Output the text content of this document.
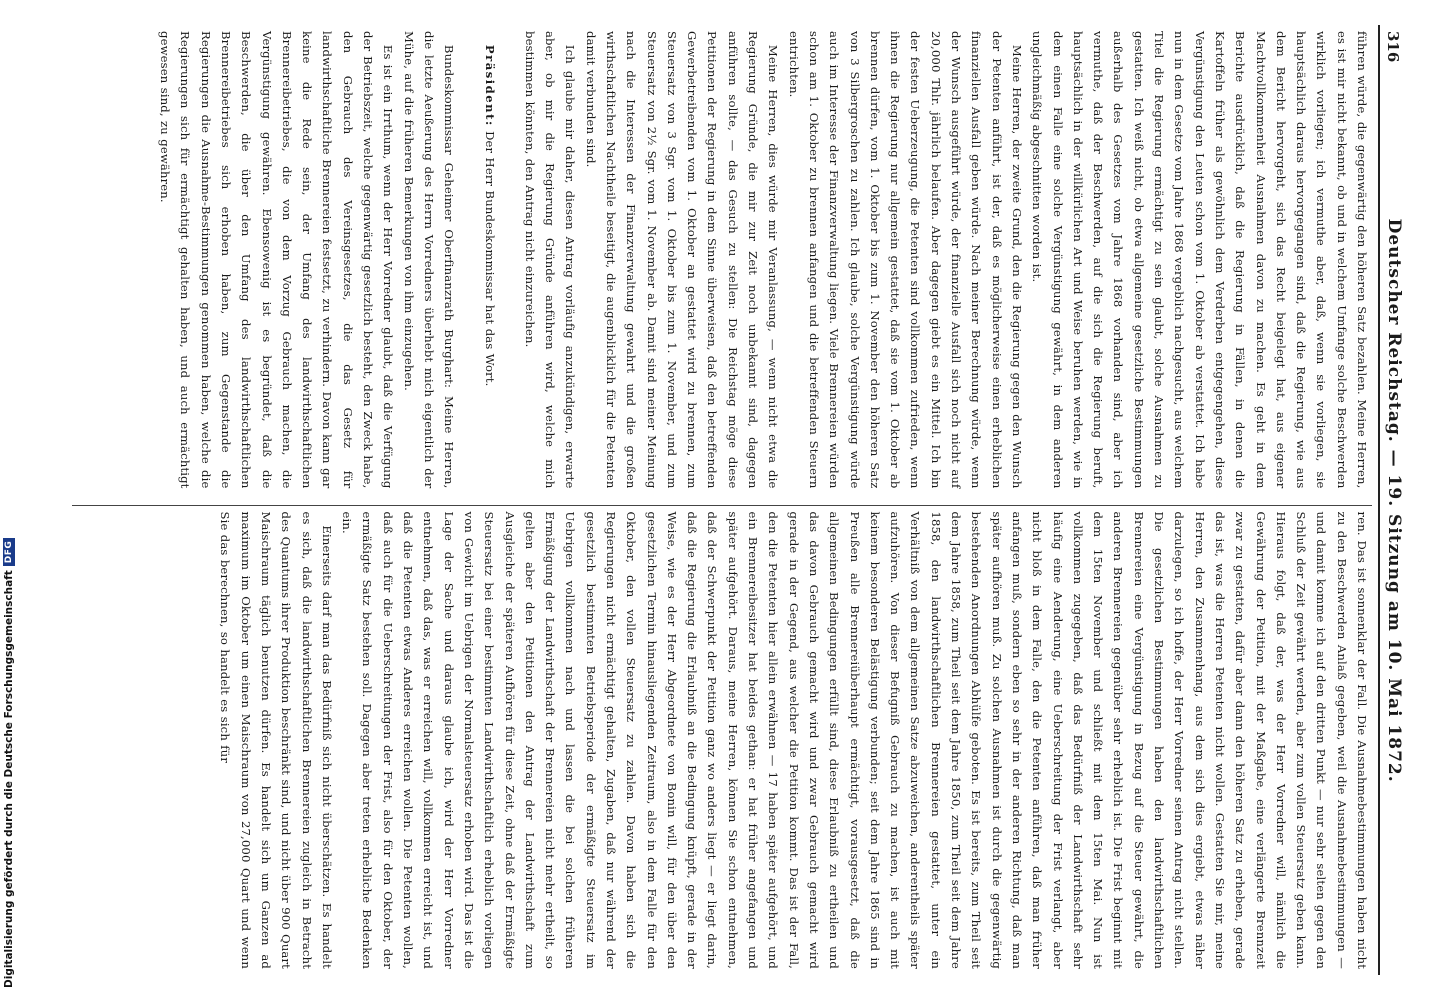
316
Deutscher Reichstag. — 19. Sitzung am 10. Mai 1872.

führen würde, die gegenwärtig den höheren Satz bezahlen. Meine Herren, es ist mir nicht bekannt, ob und in welchem Umfange solche Beschwerden wirklich vorliegen; ich vermuthe aber, daß, wenn sie vorliegen, sie hauptsächlich daraus hervorgegangen sind, daß die Regierung, wie aus dem Bericht hervorgeht, sich das Recht beigelegt hat, aus eigener Machtvollkommenheit Ausnahmen davon zu machen. Es geht in dem Berichte ausdrücklich, daß die Regierung in Fällen, in denen die Kartoffeln früher als gewöhnlich dem Verderben entgegengehen, diese Vergünstigung den Leuten schon vom 1. Oktober ab verstattet. Ich habe nun in dem Gesetze vom Jahre 1868 vergeblich nachgesucht, aus welchem Titel die Regierung ermächtigt zu sein glaubt, solche Ausnahmen zu gestatten. Ich weiß nicht, ob etwa allgemeine gesetzliche Bestimmungen außerhalb des Gesetzes vom Jahre 1868 vorhanden sind, aber ich vermuthe, daß der Beschwerden, auf die sich die Regierung beruft, hauptsächlich in der willkürlichen Art und Weise beruhen werden, wie in dem einen Falle eine solche Vergünstigung gewährt, in dem anderen ungleichmäßig abgeschnitten worden ist.

Meine Herren, der zweite Grund, den die Regierung gegen den Wunsch der Petenten anführt, ist der, daß es möglicherweise einen erheblichen finanziellen Ausfall geben würde. Nach meiner Berechnung würde, wenn der Wunsch ausgeführt würde, der finanzielle Ausfall sich noch nicht auf 20,000 Thlr. jährlich belaufen. Aber dagegen giebt es ein Mittel. Ich bin der festen Ueberzeugung, die Petenten sind vollkommen zufrieden, wenn ihnen die Regierung nur allgemein gestattet, daß sie vom 1. Oktober ab brennen dürfen, vom 1. Oktober bis zum 1. November den höheren Satz von 3 Silbergroschen zu zahlen. Ich glaube, solche Vergünstigung würde auch im Interesse der Finanzverwaltung liegen. Viele Brennereien würden schon am 1. Oktober zu brennen anfangen und die betreffenden Steuern entrichten.

Meine Herren, dies würde mir Veranlassung, — wenn nicht etwa die Regierung Gründe, die mir zur Zeit noch unbekannt sind, dagegen anführen sollte, — das Gesuch zu stellen: Die Reichstag möge diese Petitionen der Regierung in dem Sinne überweisen, daß den betreffenden Gewerbetreibenden vom 1. Oktober an gestattet wird zu brennen, zum Steuersatz von 3 Sgr. vom 1. Oktober bis zum 1. November, und zum Steuersatz von 2½ Sgr. vom 1. November ab. Damit sind meiner Meinung nach die Interessen der Finanzverwaltung gewahrt und die großen wirthschaftlichen Nachtheile beseitigt, die augenblicklich für die Petenten damit verbunden sind.

Ich glaube mir daher, diesen Antrag vorläufig anzukündigen, erwarte aber, ob mir die Regierung Gründe anführen wird, welche mich bestimmen könnten, den Antrag nicht einzureichen.

Präsident: Der Herr Bundeskommissar hat das Wort.

Bundeskommissar Geheimer Oberfinanzrath Burghart: Meine Herren, die letzte Aeußerung des Herrn Vorredners überhebt mich eigentlich der Mühe, auf die früheren Bemerkungen von ihm einzugehen.

Es ist ein Irrthum, wenn der Herr Vorredner glaubt, daß die Verfügung der Betriebszeit, welche gegenwärtig gesetzlich besteht, den Zweck habe, den Gebrauch des Vereinsgesetzes, die das Gesetz für landwirthschaftliche Brennereien festsetzt, zu verhindern. Davon kann gar keine die Rede sein, der Umfang des landwirthschaftlichen Brennereibetriebes, die von dem Vorzug Gebrauch machen, die Vergünstigung gewähren. Ebensowenig ist es begründet, daß die Beschwerden, die über den Umfang des landwirthschaftlichen Brennereibetriebes sich erhoben haben, zum Gegenstande die Regierungen die Ausnahme-Bestimmungen genommen haben, welche die Regierungen sich für ermächtigt gehalten haben, und auch ermächtigt gewesen sind, zu gewähren.

ren. Das ist sonnenklar der Fall. Die Ausnahmebestimmungen haben nicht zu den Beschwerden Anlaß gegeben, weil die Ausnahmebestimmungen — und damit komme ich auf den dritten Punkt — nur sehr selten gegen den Schluß der Zeit gewährt werden, aber zum vollen Steuersatz geben kann. Hieraus folgt, daß der, was der Herr Vorredner will, nämlich die Gewährung der Petition, mit der Maßgabe, eine verlängerte Brennzeit zwar zu gestatten, dafür aber dann den höheren Satz zu erheben, gerade das ist, was die Herren Petenten nicht wollen. Gestatten Sie mir, meine Herren, den Zusammenhang, aus dem sich dies ergiebt, etwas näher darzulegen, so ich hoffe, der Herr Vorredner seinen Antrag nicht stellen. Die gesetzlichen Bestimmungen haben den landwirthschaftlichen Brennereien eine Vergünstigung in Bezug auf die Steuer gewährt, die anderen Brennereien gegenüber sehr erheblich ist. Die Frist beginnt mit dem 15ten November und schließt mit dem 15ten Mai. Nun ist vollkommen zugegeben, daß das Bedürfniß der Landwirthschaft sehr häufig eine Aenderung, eine Ueberschreitung der Frist verlangt, aber nicht bloß in dem Falle, den die Petenten anführen, daß man früher anfangen muß, sondern eben so sehr in der anderen Richtung, daß man später aufhören muß. Zu solchen Ausnahmen ist durch die gegenwärtig bestehenden Anordnungen Abhülfe geboten. Es ist bereits, zum Theil seit dem Jahre 1858, zum Theil seit dem Jahre 1850, zum Theil seit dem Jahre 1858, den landwirthschaftlichen Brennereien gestattet, unter ein Verhältniß von dem allgemeinen Satze abzuweichen, anderentheils später aufzuhören. Von dieser Befugniß Gebrauch zu machen, ist auch mit keinem besonderen Belästigung verbunden; seit dem Jahre 1865 sind in Preußen alle Brennereiüberhaupt ermächtigt, vorausgesetzt, daß die allgemeinen Bedingungen erfüllt sind, diese Erlaubniß zu ertheilen und das davon Gebrauch gemacht wird und zwar Gebrauch gemacht wird gerade in der Gegend, aus welcher die Petition kommt. Das ist der Fall, den die Petenten hier allein erwähnen — 17 haben später aufgehört, und ein Brennereibesitzer hat beides gethan: er hat früher angefangen und später aufgehört. Daraus, meine Herren, können Sie schon entnehmen, daß der Schwerpunkt der Petition ganz wo anders liegt — er liegt darin, daß die Regierung die Erlaubniß an die Bedingung knüpft, gerade in der Weise, wie es der Herr Abgeordnete von Bonin will, für den über den gesetzlichen Termin hinausliegenden Zeitraum, also in dem Falle für den Oktober, den vollen Steuersatz zu zahlen. Davon haben sich die Regierungen nicht ermächtigt gehalten, Zugaben, daß nur während der gesetzlich bestimmten Betriebsperiode der ermäßigte Steuersatz im Uebrigen vollkommen nach und lassen die bei solchen früheren Ermäßigung der Landwirthschaft der Brennereien nicht mehr ertheilt, so gelten aber den Petitionen den Antrag der Landwirthschaft zum Ausgleiche der späteren Aufhören für diese Zeit, ohne daß der Ermäßigte Steuersatz bei einer bestimmten Landwirthschaftlich erheblich vorliegen von Gewicht im Uebrigen der Normalsteuersatz erhoben wird. Das ist die Lage der Sache und daraus glaube ich, wird der Herr Vorredner entnehmen, daß das, was er erreichen will, vollkommen erreicht ist, und daß die Petenten etwas Anderes erreichen wollen. Die Petenten wollen, daß auch für die Ueberschreitungen der Frist, also für den Oktober, der ermäßigte Satz bestehen soll. Dagegen aber treten erhebliche Bedenken ein.

Einerseits darf man das Bedürfniß sich nicht überschätzen. Es handelt es sich, daß die landwirthschaftlichen Brennereien zugleich in Betracht des Quantums ihrer Produktion beschränkt sind, und nicht über 900 Quart Maischraum täglich benutzen dürfen. Es handelt sich um Ganzen ad maximum im Oktober um einen Maischraum von 27,000 Quart und wenn Sie das berechnen, so handelt es sich für

Digitalisierung gefördert durch die Deutsche Forschungsgemeinschaft
DFG
